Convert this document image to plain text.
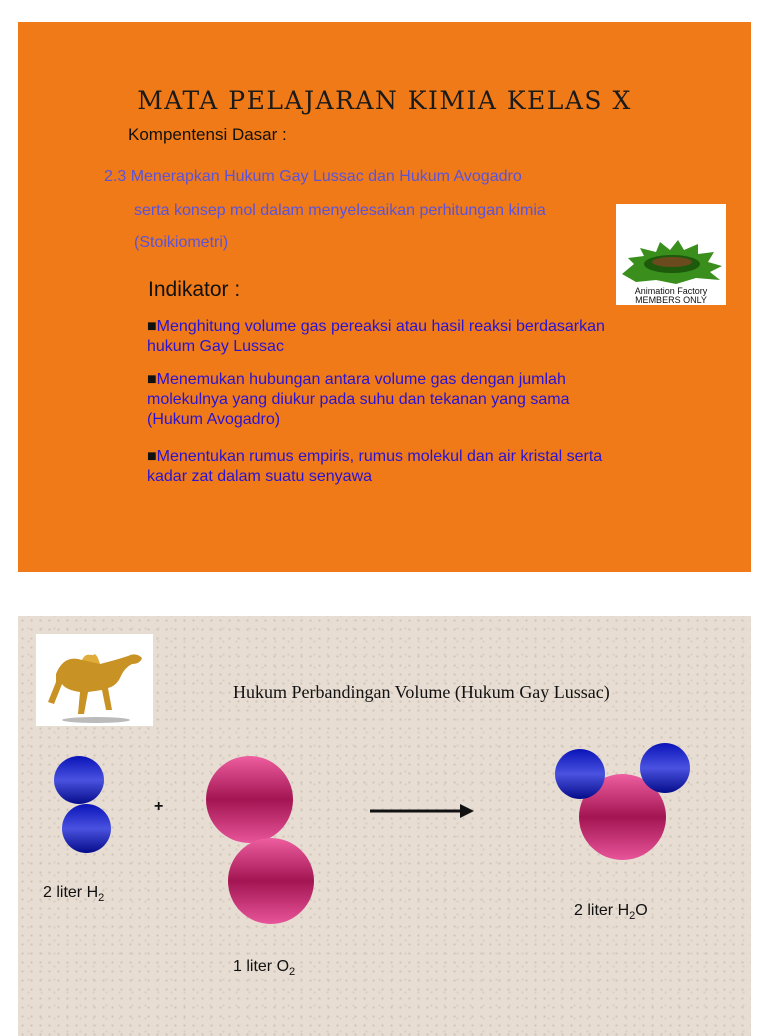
MATA PELAJARAN KIMIA KELAS X
Kompentensi Dasar :
2.3 Menerapkan Hukum Gay Lussac dan Hukum Avogadro
serta konsep mol dalam menyelesaikan perhitungan kimia
(Stoikiometri)
Indikator :
■Menghitung volume gas pereaksi atau hasil reaksi berdasarkan hukum Gay Lussac
■Menemukan hubungan antara volume gas dengan jumlah molekulnya yang diukur pada suhu dan tekanan yang sama (Hukum Avogadro)
■Menentukan rumus empiris, rumus molekul dan air kristal serta kadar zat dalam suatu senyawa
Animation Factory
MEMBERS ONLY
Hukum Perbandingan Volume (Hukum Gay Lussac)
+
2 liter $H_2$
1 liter $O_2$
2 liter $H_2O$
